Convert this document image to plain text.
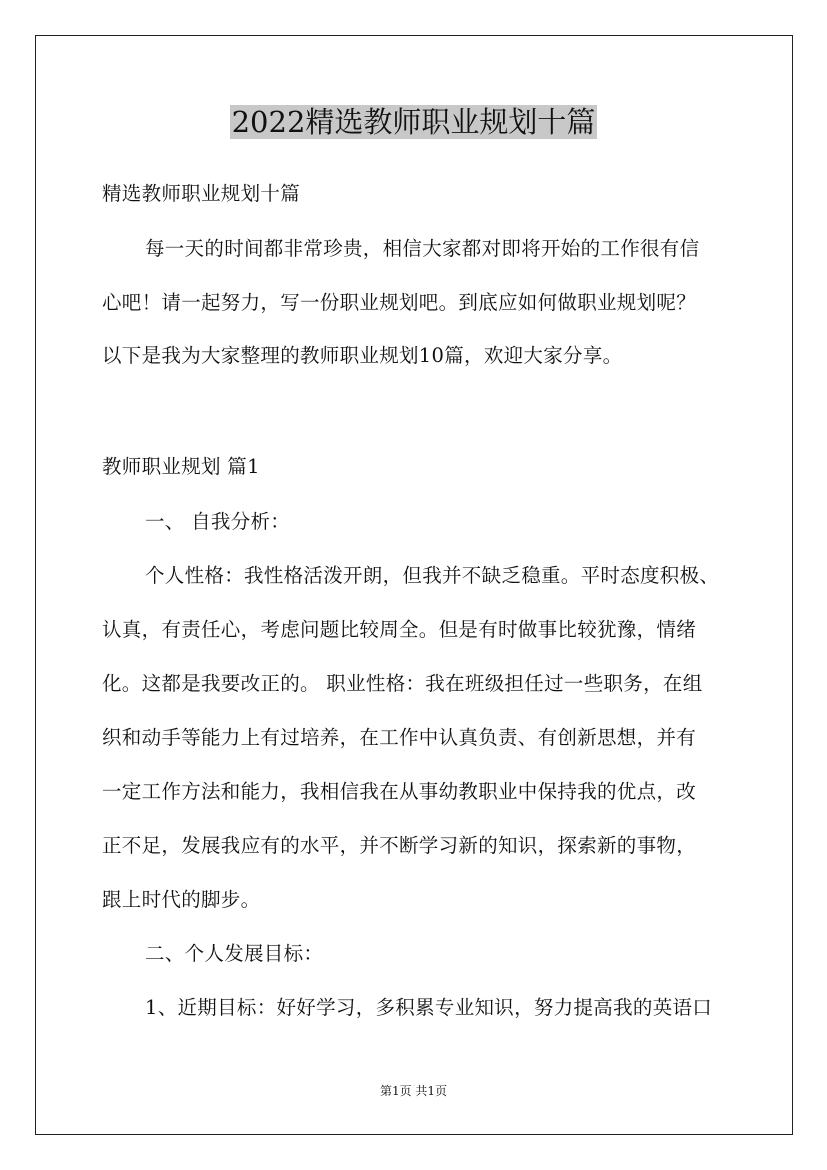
2022精选教师职业规划十篇
精选教师职业规划十篇
每一天的时间都非常珍贵，相信大家都对即将开始的工作很有信
心吧！请一起努力，写一份职业规划吧。到底应如何做职业规划呢？
以下是我为大家整理的教师职业规划10篇，欢迎大家分享。
教师职业规划 篇1
一、 自我分析：
个人性格：我性格活泼开朗，但我并不缺乏稳重。平时态度积极、
认真，有责任心，考虑问题比较周全。但是有时做事比较犹豫，情绪
化。这都是我要改正的。 职业性格：我在班级担任过一些职务，在组
织和动手等能力上有过培养，在工作中认真负责、有创新思想，并有
一定工作方法和能力，我相信我在从事幼教职业中保持我的优点，改
正不足，发展我应有的水平，并不断学习新的知识，探索新的事物，
跟上时代的脚步。
二、个人发展目标：
1、近期目标：好好学习，多积累专业知识，努力提高我的英语口
第1页 共1页
